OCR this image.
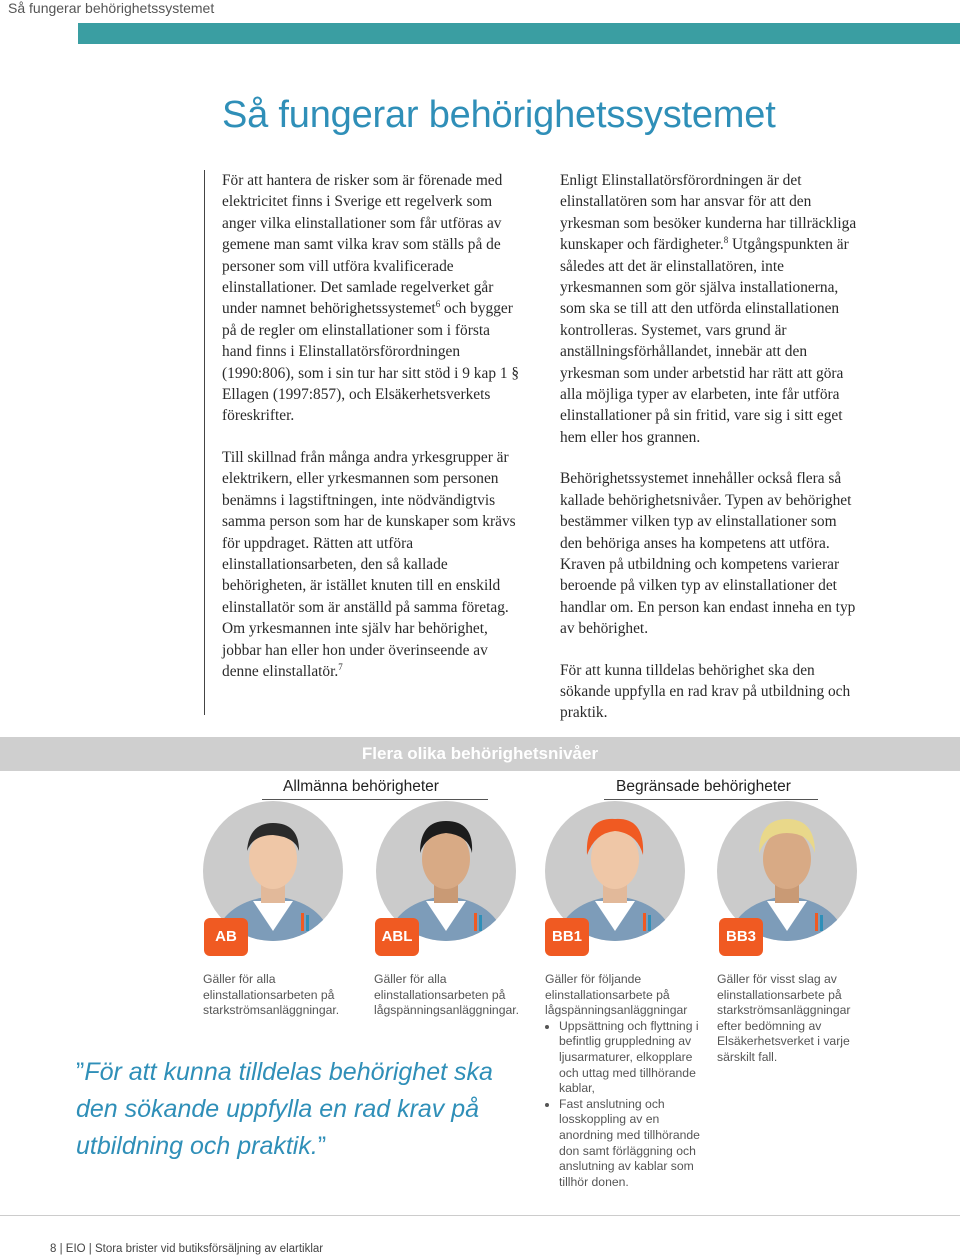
Så fungerar behörighetssystemet
Så fungerar behörighetssystemet

För att hantera de risker som är förenade med elektricitet finns i Sverige ett regelverk som anger vilka elinstallationer som får utföras av gemene man samt vilka krav som ställs på de personer som vill utföra kvalificerade elinstallationer. Det samlade regelverket går under namnet behörighetssystemet$^6$ och bygger på de regler om elinstallationer som i första hand finns i Elinstallatörsförordningen (1990:806), som i sin tur har sitt stöd i 9 kap 1 § Ellagen (1997:857), och Elsäkerhetsverkets föreskrifter.

Till skillnad från många andra yrkesgrupper är elektrikern, eller yrkesmannen som personen benämns i lagstiftningen, inte nödvändigtvis samma person som har de kunskaper som krävs för uppdraget. Rätten att utföra elinstallationsarbeten, den så kallade behörigheten, är istället knuten till en enskild elinstallatör som är anställd på samma företag. Om yrkesmannen inte själv har behörighet, jobbar han eller hon under överinseende av denne elinstallatör.$^7$

Enligt Elinstallatörsförordningen är det elinstallatören som har ansvar för att den yrkesman som besöker kunderna har tillräckliga kunskaper och färdigheter.$^8$ Utgångspunkten är således att det är elinstallatören, inte yrkesmannen som gör själva installationerna, som ska se till att den utförda elinstallationen kontrolleras. Systemet, vars grund är anställningsförhållandet, innebär att den yrkesman som under arbetstid har rätt att göra alla möjliga typer av elarbeten, inte får utföra elinstallationer på sin fritid, vare sig i sitt eget hem eller hos grannen.

Behörighetssystemet innehåller också flera så kallade behörighetsnivåer. Typen av behörighet bestämmer vilken typ av elinstallationer som den behöriga anses ha kompetens att utföra. Kraven på utbildning och kompetens varierar beroende på vilken typ av elinstallationer det handlar om. En person kan endast inneha en typ av behörighet.

För att kunna tilldelas behörighet ska den sökande uppfylla en rad krav på utbildning och praktik.

Flera olika behörighetsnivåer
Allmänna behörigheter	Begränsade behörigheter
AB	ABL	BB1	BB3
Gäller för alla elinstallationsarbeten på starkströmsanläggningar.
Gäller för alla elinstallationsarbeten på lågspänningsanläggningar.
Gäller för följande elinstallationsarbete på lågspänningsanläggningar
• Uppsättning och flyttning i befintlig gruppledning av ljusarmaturer, elkopplare och uttag med tillhörande kablar,
• Fast anslutning och losskoppling av en anordning med tillhörande don samt förläggning och anslutning av kablar som tillhör donen.
Gäller för visst slag av elinstallationsarbete på starkströmsanläggningar efter bedömning av Elsäkerhetsverket i varje särskilt fall.
”För att kunna tilldelas behörighet ska den sökande uppfylla en rad krav på utbildning och praktik.”
8 | EIO | Stora brister vid butiksförsäljning av elartiklar
